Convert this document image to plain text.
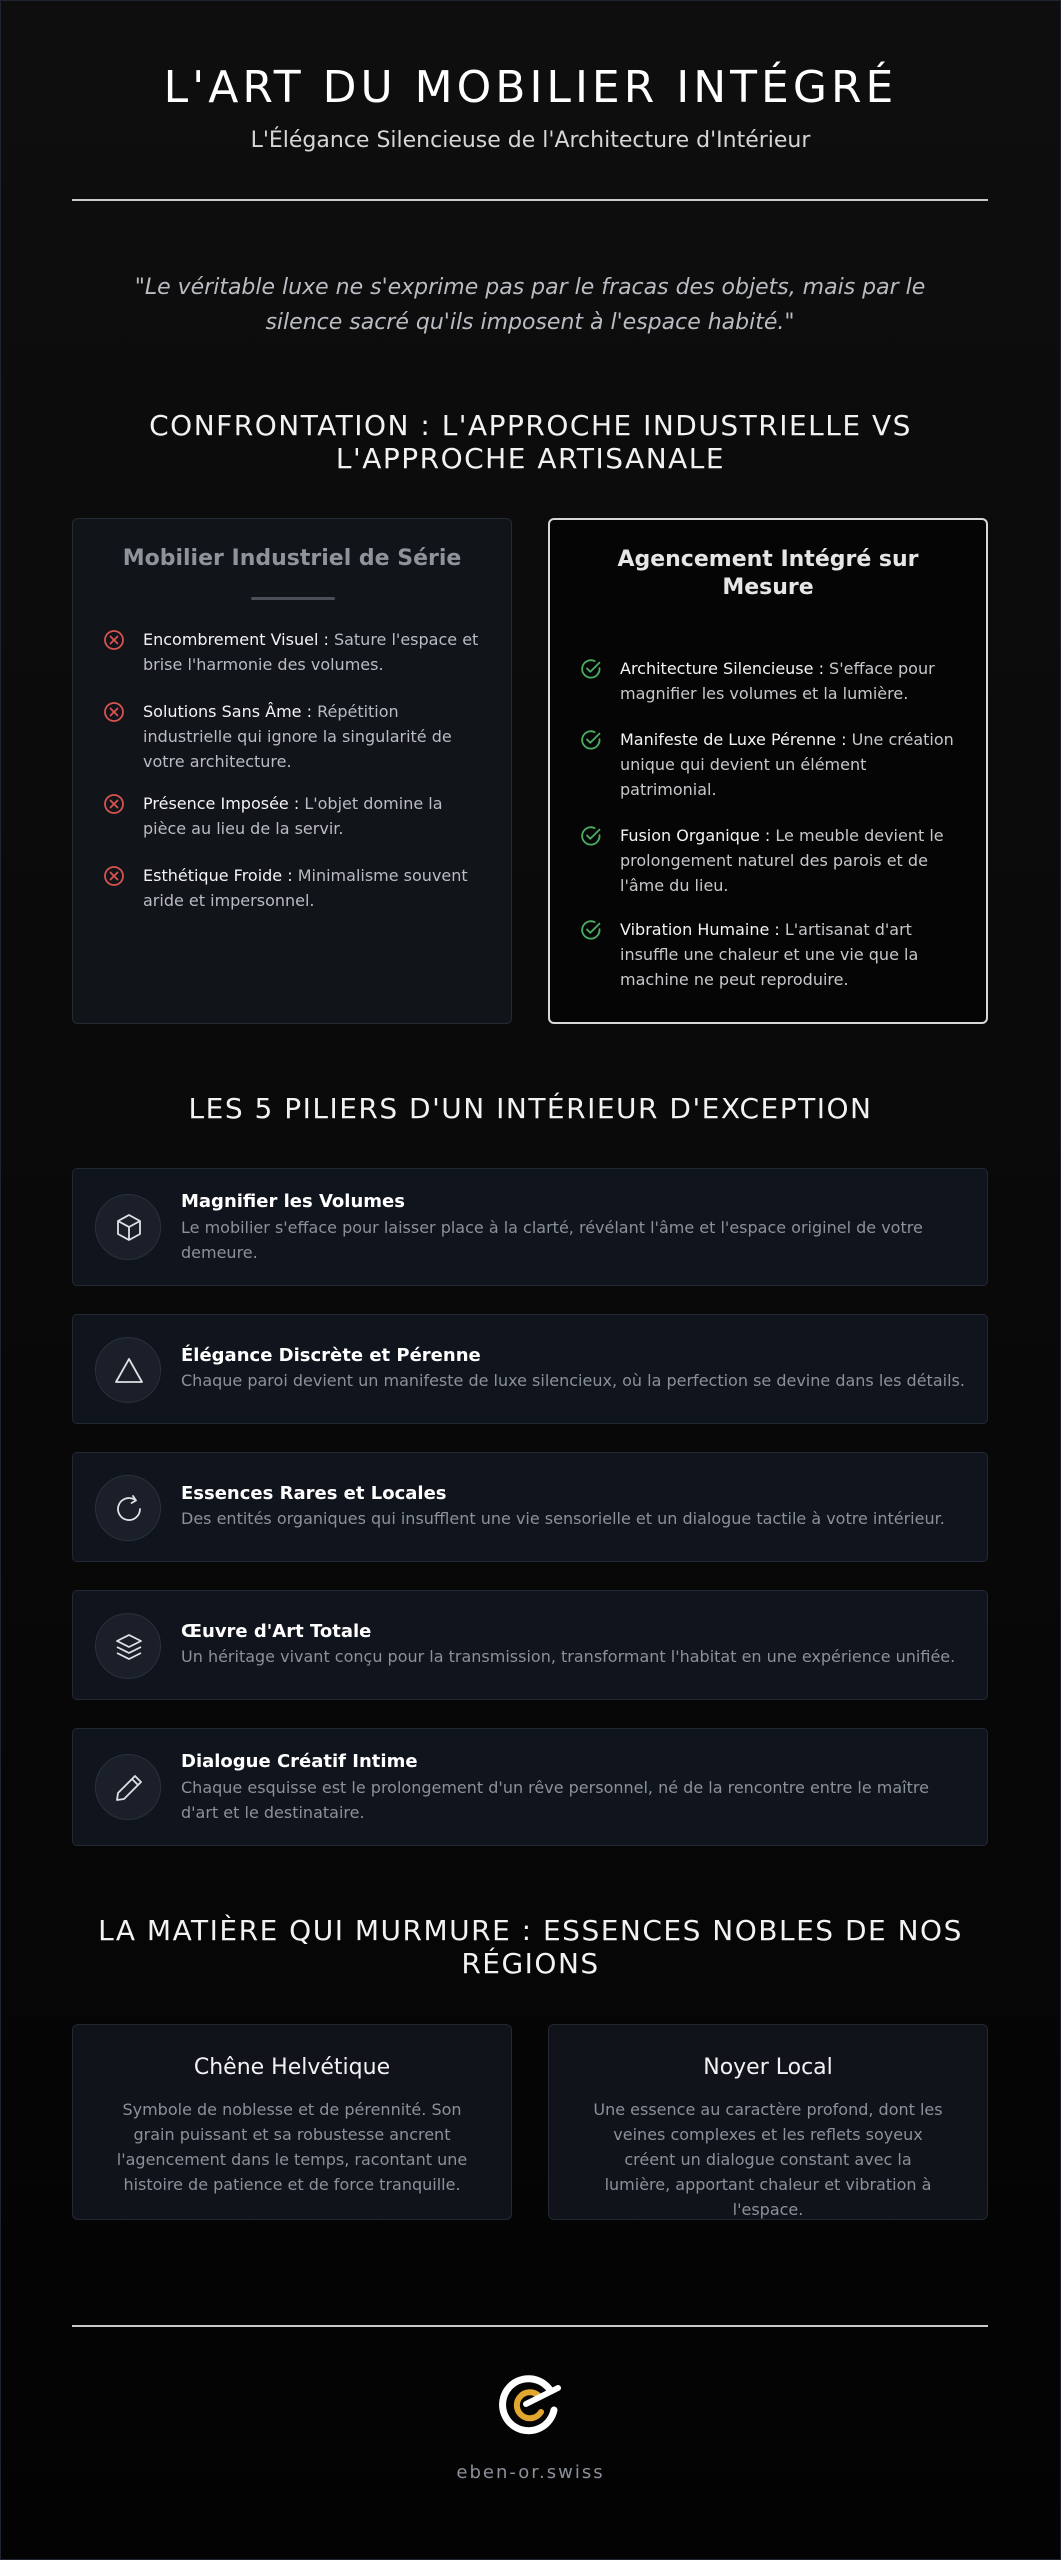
L'ART DU MOBILIER INTÉGRÉ
L'Élégance Silencieuse de l'Architecture d'Intérieur

"Le véritable luxe ne s'exprime pas par le fracas des objets, mais par le silence sacré qu'ils imposent à l'espace habité."

CONFRONTATION : L'APPROCHE INDUSTRIELLE VS L'APPROCHE ARTISANALE
Mobilier Industriel de Série
Encombrement Visuel : Sature l'espace et brise l'harmonie des volumes.
Solutions Sans Âme : Répétition industrielle qui ignore la singularité de votre architecture.
Présence Imposée : L'objet domine la pièce au lieu de la servir.
Esthétique Froide : Minimalisme souvent aride et impersonnel.
Agencement Intégré sur Mesure
Architecture Silencieuse : S'efface pour magnifier les volumes et la lumière.
Manifeste de Luxe Pérenne : Une création unique qui devient un élément patrimonial.
Fusion Organique : Le meuble devient le prolongement naturel des parois et de l'âme du lieu.
Vibration Humaine : L'artisanat d'art insuffle une chaleur et une vie que la machine ne peut reproduire.
LES 5 PILIERS D'UN INTÉRIEUR D'EXCEPTION
Magnifier les Volumes
Le mobilier s'efface pour laisser place à la clarté, révélant l'âme et l'espace originel de votre demeure.
Élégance Discrète et Pérenne
Chaque paroi devient un manifeste de luxe silencieux, où la perfection se devine dans les détails.
Essences Rares et Locales
Des entités organiques qui insufflent une vie sensorielle et un dialogue tactile à votre intérieur.
Œuvre d'Art Totale
Un héritage vivant conçu pour la transmission, transformant l'habitat en une expérience unifiée.
Dialogue Créatif Intime
Chaque esquisse est le prolongement d'un rêve personnel, né de la rencontre entre le maître d'art et le destinataire.
LA MATIÈRE QUI MURMURE : ESSENCES NOBLES DE NOS RÉGIONS
Chêne Helvétique
Symbole de noblesse et de pérennité. Son grain puissant et sa robustesse ancrent l'agencement dans le temps, racontant une histoire de patience et de force tranquille.
Noyer Local
Une essence au caractère profond, dont les veines complexes et les reflets soyeux créent un dialogue constant avec la lumière, apportant chaleur et vibration à l'espace.
eben-or.swiss
